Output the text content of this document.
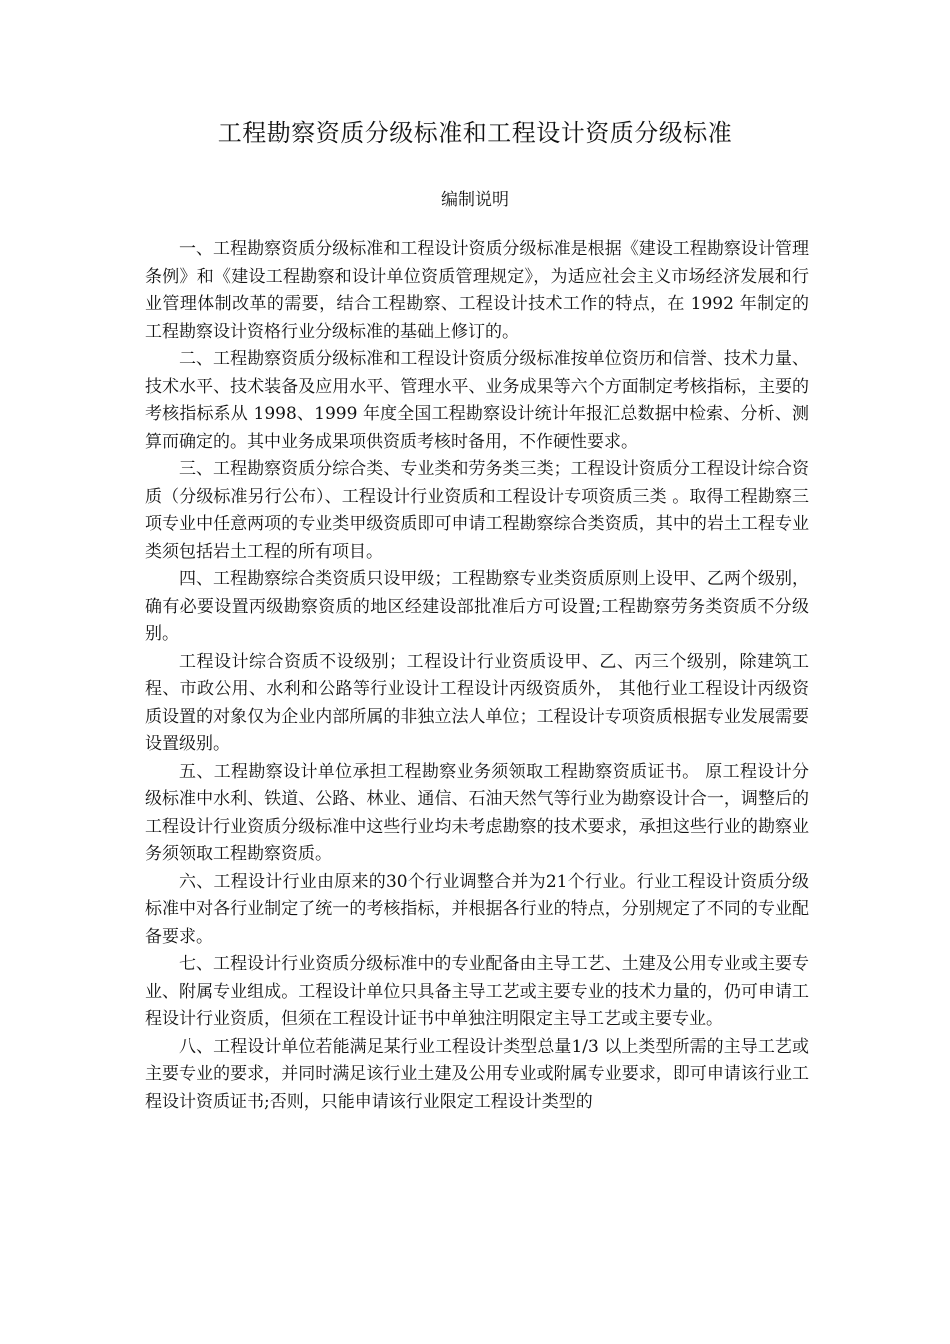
工程勘察资质分级标准和工程设计资质分级标准
编制说明

一、工程勘察资质分级标准和工程设计资质分级标准是根据《建设工程勘察设计管理条例》和《建设工程勘察和设计单位资质管理规定》，为适应社会主义市场经济发展和行业管理体制改革的需要，结合工程勘察、工程设计技术工作的特点，在 1992 年制定的工程勘察设计资格行业分级标准的基础上修订的。

二、工程勘察资质分级标准和工程设计资质分级标准按单位资历和信誉、技术力量、技术水平、技术装备及应用水平、管理水平、业务成果等六个方面制定考核指标，主要的考核指标系从 1998、1999 年度全国工程勘察设计统计年报汇总数据中检索、分析、测算而确定的。其中业务成果项供资质考核时备用，不作硬性要求。

三、工程勘察资质分综合类、专业类和劳务类三类；工程设计资质分工程设计综合资质（分级标准另行公布）、工程设计行业资质和工程设计专项资质三类 。取得工程勘察三项专业中任意两项的专业类甲级资质即可申请工程勘察综合类资质，其中的岩土工程专业类须包括岩土工程的所有项目。

四、工程勘察综合类资质只设甲级；工程勘察专业类资质原则上设甲、乙两个级别，确有必要设置丙级勘察资质的地区经建设部批准后方可设置;工程勘察劳务类资质不分级别。

工程设计综合资质不设级别；工程设计行业资质设甲、乙、丙三个级别，除建筑工程、市政公用、水利和公路等行业设计工程设计丙级资质外， 其他行业工程设计丙级资质设置的对象仅为企业内部所属的非独立法人单位；工程设计专项资质根据专业发展需要设置级别。

五、工程勘察设计单位承担工程勘察业务须领取工程勘察资质证书。 原工程设计分级标准中水利、铁道、公路、林业、通信、石油天然气等行业为勘察设计合一，调整后的工程设计行业资质分级标准中这些行业均未考虑勘察的技术要求，承担这些行业的勘察业务须领取工程勘察资质。

六、工程设计行业由原来的30个行业调整合并为21个行业。行业工程设计资质分级标准中对各行业制定了统一的考核指标，并根据各行业的特点，分别规定了不同的专业配备要求。

七、工程设计行业资质分级标准中的专业配备由主导工艺、土建及公用专业或主要专业、附属专业组成。工程设计单位只具备主导工艺或主要专业的技术力量的，仍可申请工程设计行业资质，但须在工程设计证书中单独注明限定主导工艺或主要专业。

八、工程设计单位若能满足某行业工程设计类型总量1/3 以上类型所需的主导工艺或主要专业的要求，并同时满足该行业土建及公用专业或附属专业要求，即可申请该行业工程设计资质证书;否则，只能申请该行业限定工程设计类型的
